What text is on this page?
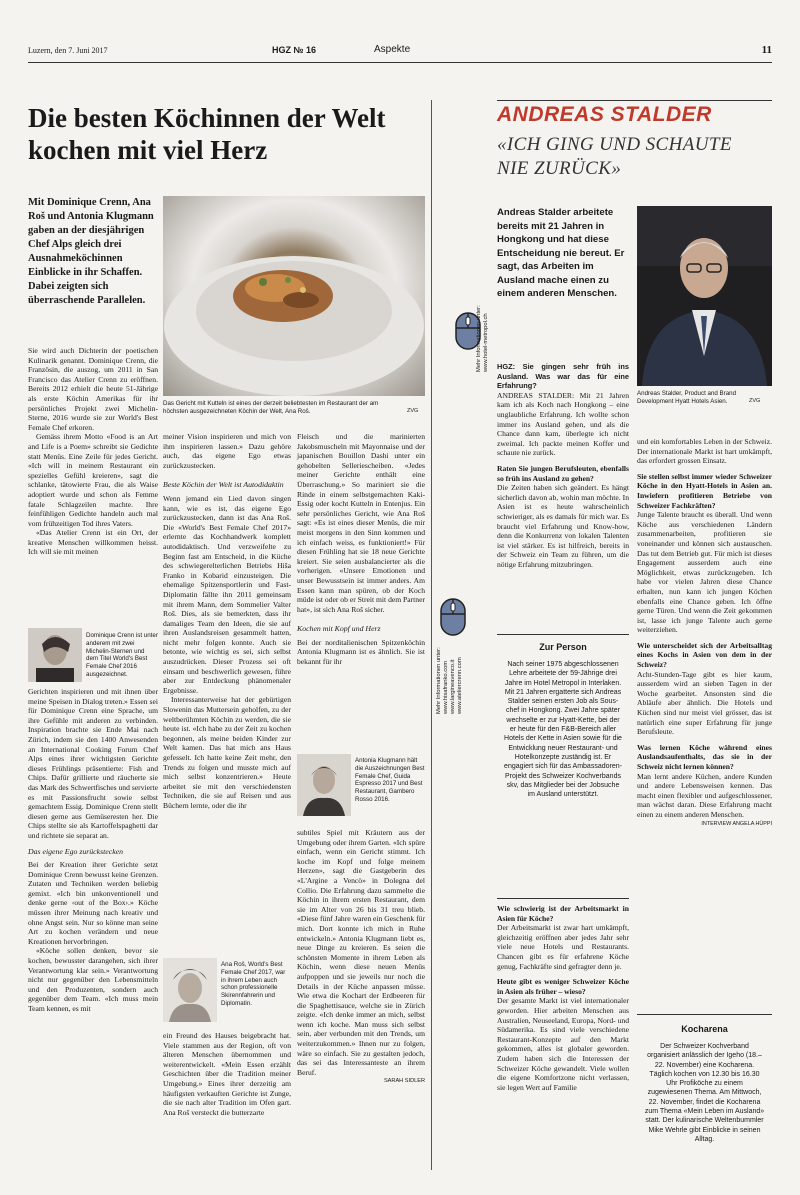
Luzern, den 7. Juni 2017	HGZ № 16	Aspekte	11
Die besten Köchinnen der Welt kochen mit viel Herz
Mit Dominique Crenn, Ana Roš und Antonia Klugmann gaben an der diesjährigen Chef Alps gleich drei Ausnahmeköchinnen Einblicke in ihr Schaffen. Dabei zeigten sich überraschende Parallelen.
Das Gericht mit Kutteln ist eines der derzeit beliebtesten im Restaurant der am höchsten ausgezeichneten Köchin der Welt, Ana Roš.	ZVG

Sie wird auch Dichterin der poetischen Kulinarik genannt. Dominique Crenn, die Französin, die auszog, um 2011 in San Francisco das Atelier Crenn zu eröffnen. Bereits 2012 erhielt die heute 51-Jährige als erste Köchin Amerikas für ihr persönliches Projekt zwei Michelin-Sterne, 2016 wurde sie zur World's Best Female Chef erkoren.

Gemäss ihrem Motto «Food is an Art and Life is a Poem» schreibt sie Gedichte statt Menüs. Eine Zeile für jedes Gericht. «Ich will in meinem Restaurant ein spezielles Gefühl kreieren», sagt die schlanke, tätowierte Frau, die als Waise adoptiert wurde und schon als Femme fatale Schlagzeilen machte. Ihre feinfühligen Gedichte handeln auch mal vom frühzeitigen Tod ihres Vaters.

«Das Atelier Crenn ist ein Ort, der kreative Menschen willkommen heisst. Ich will sie mit meinen

Dominique Crenn ist unter anderem mit zwei Michelin-Sternen und dem Titel World's Best Female Chef 2016 ausgezeichnet.

Gerichten inspirieren und mit ihnen über meine Speisen in Dialog treten.» Essen sei für Dominique Crenn eine Sprache, um ihre Gefühle mit anderen zu verbinden. Inspiration brachte sie Ende Mai nach Zürich, indem sie den 1400 Anwesenden an International Cooking Forum Chef Alps eines ihrer wichtigsten Gerichte dieses Frühlings präsentierte: Fish and Chips. Dafür grillierte und räucherte sie das Mark des Schwertfisches und servierte es mit Passionsfrucht sowie selbst gemachtem Essig. Dominique Crenn stellt diesen gerne aus Gemüseresten her. Die Chips stellte sie als Kartoffelspaghetti dar und richtete sie separat an.

Das eigene Ego zurückstecken

Bei der Kreation ihrer Gerichte setzt Dominique Crenn bewusst keine Grenzen. Zutaten und Techniken werden beliebig gemixt. «Ich bin unkonventionell und denke gerne ‹out of the Box›.» Köche müssen ihrer Meinung nach kreativ und ohne Angst sein. Nur so könne man seine Art zu kochen verändern und neue Kreationen hervorbringen.

«Köche sollen denken, bevor sie kochen, bewusster darangehen, sich ihrer Verantwortung klar sein.» Verantwortung nicht nur gegenüber den Lebensmitteln und den Produzenten, sondern auch gegenüber dem Team. «Ich muss mein Team kennen, es mit

meiner Vision inspirieren und mich von ihm inspirieren lassen.» Dazu gehöre auch, das eigene Ego etwas zurückzustecken.

Beste Köchin der Welt ist Autodidaktin

Wenn jemand ein Lied davon singen kann, wie es ist, das eigene Ego zurückzustecken, dann ist das Ana Roš. Die «World's Best Female Chef 2017» erlernte das Kochhandwerk komplett autodidaktisch. Und verzweifelte zu Beginn fast am Entscheid, in die Küche des schwiegerelterlichen Betriebs Hiša Franko in Kobarid einzusteigen. Die ehemalige Spitzensportlerin und Fast-Diplomatin fällte ihn 2011 gemeinsam mit ihrem Mann, dem Sommelier Valter Roš. Dies, als sie bemerkten, dass ihr damaliges Team den Ideen, die sie auf ihren Auslandsreisen gesammelt hatten, nicht mehr folgen konnte. Auch sie betonte, wie wichtig es sei, sich selbst auszudrücken. Dieser Prozess sei oft einsam und beschwerlich gewesen, führe aber zur Entdeckung phänomenaler Ergebnisse.

Interessanterweise hat der gebürtigen Slowenin das Muttersein geholfen, zu der weltberühmten Köchin zu werden, die sie heute ist. «Ich habe zu der Zeit zu kochen begonnen, als meine beiden Kinder zur Welt kamen. Das hat mich ans Haus gefesselt. Ich hatte keine Zeit mehr, den Trends zu folgen und musste mich auf mich selbst konzentrieren.» Heute arbeitet sie mit den verschiedensten Techniken, die sie auf Reisen und aus Büchern lernte, oder die ihr

Ana Roš, World's Best Female Chef 2017, war in ihrem Leben auch schon professionelle Skirennfahrerin und Diplomatin.

ein Freund des Hauses beigebracht hat. Viele stammen aus der Region, oft von älteren Menschen übernommen und weiterentwickelt. «Mein Essen erzählt Geschichten über die Tradition meiner Umgebung.» Eines ihrer derzeitig am häufigsten verkauften Gerichte ist Zunge, die sie nach alter Tradition im Ofen gart. Ana Roš versteckt die butterzarte

Fleisch und die marinierten Jakobsmuscheln mit Mayonnaise und der japanischen Bouillon Dashi unter ein gehobelten Selleriescheiben. «Jedes meiner Gerichte enthält eine Überraschung.» So mariniert sie die Rinde in einem selbstgemachten Kaki-Essig oder kocht Kutteln in Entenjus. Ein sehr persönliches Gericht, wie Ana Roš sagt: «Es ist eines dieser Menüs, die mir meist morgens in den Sinn kommen und ich einfach weiss, es funktioniert!» Für diesen Frühling hat sie 18 neue Gerichte kreiert. Sie seien ausbalancierter als die vorherigen. «Unsere Emotionen und unser Bewusstsein ist immer anders. Am Essen kann man spüren, ob der Koch müde ist oder ob er Streit mit dem Partner hat», ist sich Ana Roš sicher.

Kochen mit Kopf und Herz

Bei der norditalienischen Spitzenköchin Antonia Klugmann ist es ähnlich. Sie ist bekannt für ihr

Antonia Klugmann hält die Auszeichnungen Best Female Chef, Guida Espresso 2017 und Best Restaurant, Gambero Rosso 2016.

subtiles Spiel mit Kräutern aus der Umgebung oder ihrem Garten. «Ich spüre einfach, wenn ein Gericht stimmt. Ich koche im Kopf und folge meinem Herzen», sagt die Gastgeberin des «L'Argine a Vencò» in Dolegna del Collio. Die Erfahrung dazu sammelte die Köchin in ihrem ersten Restaurant, dem sie im Alter von 26 bis 31 treu blieb. «Diese fünf Jahre waren ein Geschenk für mich. Dort konnte ich mich in Ruhe entwickeln.» Antonia Klugmann liebt es, neue Dinge zu kreieren. Es seien die schönsten Momente in ihrem Leben als Köchin, wenn diese neuen Menüs aufpoppen und sie jeweils nur noch die Details in der Küche anpassen müsse. Wie etwa die Kochart der Erdbeeren für die Spaghettisauce, welche sie in Zürich zeigte. «Ich denke immer an mich, selbst wenn ich koche. Man muss sich selbst sein, aber verbunden mit den Trends, um weiterzukommen.» Ihnen nur zu folgen, wäre so einfach. Sie zu gestalten jedoch, das sei das Interessanteste an ihrem Beruf.

SARAH SIDLER
Mehr Informationen unter: www.hotel-metropol.ch
Mehr Informationen unter: www.hisafranko.com www.largineavenco.it www.ateliercrenn.com
ANDREAS STALDER
«ICH GING UND SCHAUTE NIE ZURÜCK»
Andreas Stalder arbeitete bereits mit 21 Jahren in Hongkong und hat diese Entscheidung nie bereut. Er sagt, das Arbeiten im Ausland mache einen zu einem anderen Menschen.
Andreas Stalder, Product and Brand Development Hyatt Hotels Asien.	ZVG

HGZ: Sie gingen sehr früh ins Ausland. Was war das für eine Erfahrung?

ANDREAS STALDER: Mit 21 Jahren kam ich als Koch nach Hongkong – eine unglaubliche Erfahrung. Ich wollte schon immer ins Ausland gehen, und als die Chance dann kam, überlegte ich nicht zweimal. Ich packte meinen Koffer und schaute nie zurück.

Raten Sie jungen Berufsleuten, ebenfalls so früh ins Ausland zu gehen?

Die Zeiten haben sich geändert. Es hängt sicherlich davon ab, wohin man möchte. In Asien ist es heute wahrscheinlich schwieriger, als es damals für mich war. Es braucht viel Erfahrung und Know-how, denn die Konkurrenz von lokalen Talenten ist viel stärker. Es ist hilfreich, bereits in der Schweiz ein Team zu führen, um die nötige Erfahrung mitzubringen.

Zur Person
Nach seiner 1975 abgeschlossenen Lehre arbeitete der 59-Jährige drei Jahre im Hotel Metropol in Interlaken. Mit 21 Jahren ergatterte sich Andreas Stalder seinen ersten Job als Sous-chef in Hongkong. Zwei Jahre später wechselte er zur Hyatt-Kette, bei der er heute für den F&B-Bereich aller Hotels der Kette in Asien sowie für die Entwicklung neuer Restaurant- und Hotelkonzepte zuständig ist. Er engagiert sich für das Ambassadoren-Projekt des Schweizer Kochverbands skv, das Mitglieder bei der Jobsuche im Ausland unterstützt.

Wie schwierig ist der Arbeitsmarkt in Asien für Köche?

Der Arbeitsmarkt ist zwar hart umkämpft, gleichzeitig eröffnen aber jedes Jahr sehr viele neue Hotels und Restaurants. Chancen gibt es für erfahrene Köche genug, Fachkräfte sind gefragter denn je.

Heute gibt es weniger Schweizer Köche in Asien als früher – wieso?

Der gesamte Markt ist viel internationaler geworden. Hier arbeiten Menschen aus Australien, Neuseeland, Europa, Nord- und Südamerika. Es sind viele verschiedene Restaurant-Konzepte auf den Markt gekommen, alles ist globaler geworden. Zudem haben sich die Interessen der Schweizer Köche gewandelt. Viele wollen die eigene Komfortzone nicht verlassen, sie legen Wert auf Familie

und ein komfortables Leben in der Schweiz. Der internationale Markt ist hart umkämpft, das erfordert grossen Einsatz.

Sie stellen selbst immer wieder Schweizer Köche in den Hyatt-Hotels in Asien an. Inwiefern profitieren Betriebe von Schweizer Fachkräften?

Junge Talente braucht es überall. Und wenn Köche aus verschiedenen Ländern zusammenarbeiten, profitieren sie voneinander und können sich austauschen. Das tut dem Betrieb gut. Für mich ist dieses Engagement ausserdem auch eine Möglichkeit, etwas zurückzugeben. Ich habe vor vielen Jahren diese Chance erhalten, nun kann ich jungen Köchen ebenfalls eine Chance geben. Ich öffne gerne Türen. Und wenn die Zeit gekommen ist, lasse ich junge Talente auch gerne weiterziehen.

Wie unterscheidet sich der Arbeitsalltag eines Kochs in Asien von dem in der Schweiz?

Acht-Stunden-Tage gibt es hier kaum, ausserdem wird an sieben Tagen in der Woche gearbeitet. Ansonsten sind die Abläufe aber ähnlich. Die Hotels und Küchen sind nur meist viel grösser, das ist natürlich eine super Erfahrung für junge Berufsleute.

Was lernen Köche während eines Auslandsaufenthalts, das sie in der Schweiz nicht lernen können?

Man lernt andere Küchen, andere Kunden und andere Lebensweisen kennen. Das macht einen flexibler und aufgeschlossener, man wächst daran. Diese Erfahrung macht einen zu einem anderen Menschen.

INTERVIEW ANGELA HÜPPI
Kocharena
Der Schweizer Kochverband organisiert anlässlich der Igeho (18.–22. November) eine Kocharena. Täglich kochen von 12.30 bis 16.30 Uhr Profiköche zu einem zugewiesenen Thema. Am Mittwoch, 22. November, findet die Kocharena zum Thema «Mein Leben im Ausland» statt. Der kulinarische Weltenbummler Mike Wehrle gibt Einblicke in seinen Alltag.
